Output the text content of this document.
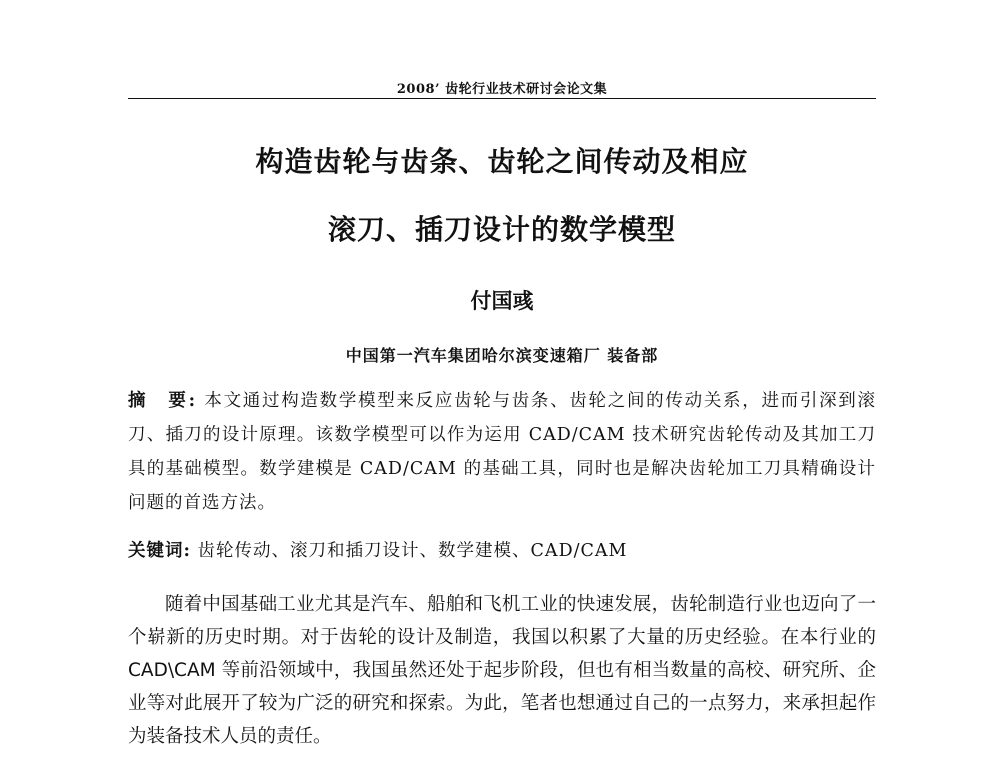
2008’ 齿轮行业技术研讨会论文集
构造齿轮与齿条、齿轮之间传动及相应
滚刀、插刀设计的数学模型
付国彧
中国第一汽车集团哈尔滨变速箱厂 装备部
摘　要: 本文通过构造数学模型来反应齿轮与齿条、齿轮之间的传动关系，进而引深到滚刀、插刀的设计原理。该数学模型可以作为运用 CAD/CAM 技术研究齿轮传动及其加工刀具的基础模型。数学建模是 CAD/CAM 的基础工具，同时也是解决齿轮加工刀具精确设计问题的首选方法。
关键词: 齿轮传动、滚刀和插刀设计、数学建模、CAD/CAM
随着中国基础工业尤其是汽车、船舶和飞机工业的快速发展，齿轮制造行业也迈向了一个崭新的历史时期。对于齿轮的设计及制造，我国以积累了大量的历史经验。在本行业的 CAD\CAM 等前沿领域中，我国虽然还处于起步阶段，但也有相当数量的高校、研究所、企业等对此展开了较为广泛的研究和探索。为此，笔者也想通过自己的一点努力，来承担起作为装备技术人员的责任。
